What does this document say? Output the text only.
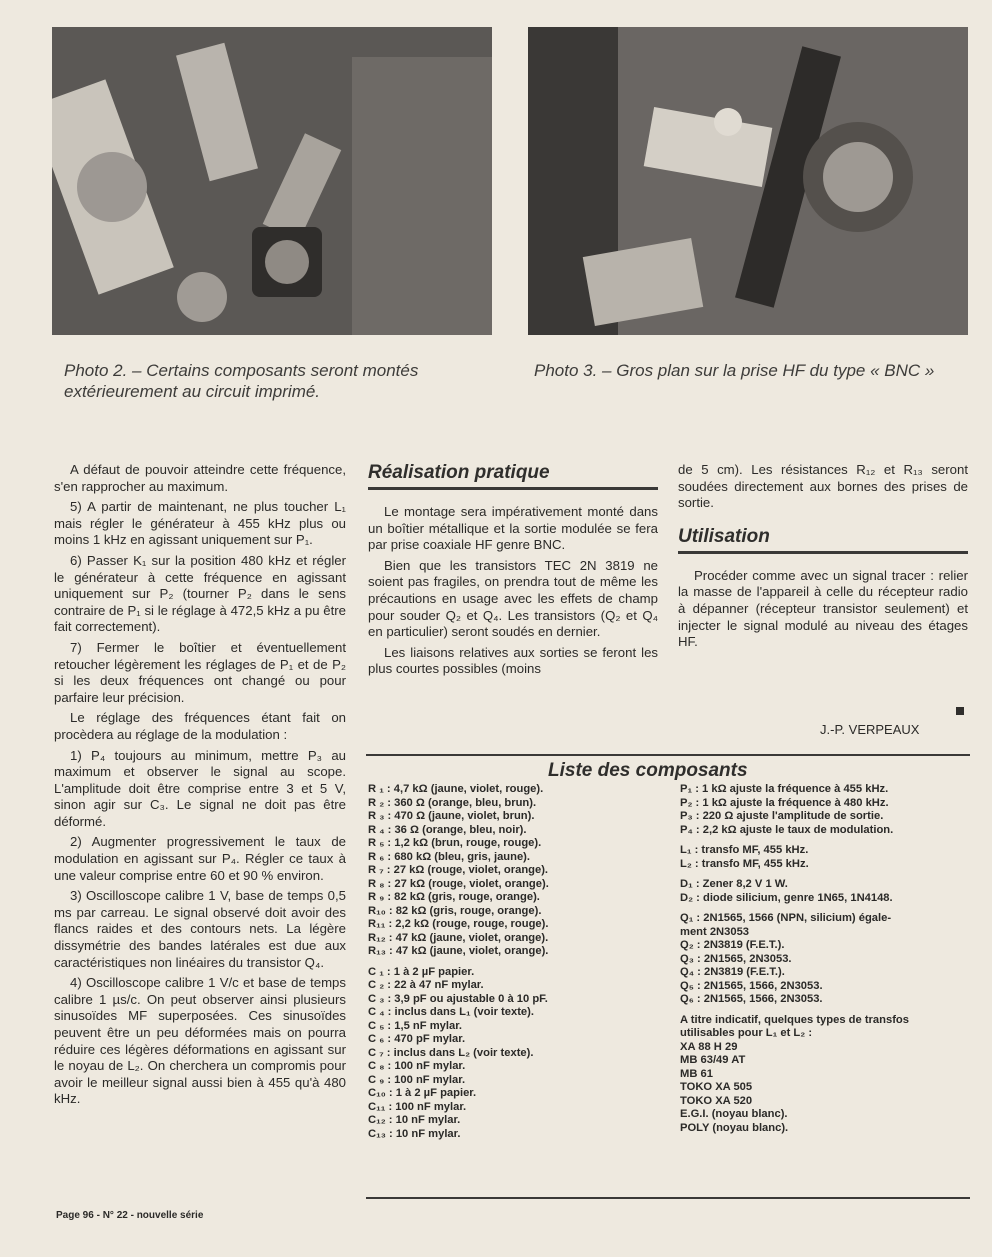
Photo 2. – Certains composants seront montés extérieurement au circuit imprimé.
Photo 3. – Gros plan sur la prise HF du type « BNC »

A défaut de pouvoir atteindre cette fréquence, s'en rapprocher au maximum.

5) A partir de maintenant, ne plus toucher L₁ mais régler le générateur à 455 kHz plus ou moins 1 kHz en agissant uniquement sur P₁.

6) Passer K₁ sur la position 480 kHz et régler le générateur à cette fréquence en agissant uniquement sur P₂ (tourner P₂ dans le sens contraire de P₁ si le réglage à 472,5 kHz a pu être fait correctement).

7) Fermer le boîtier et éventuellement retoucher légèrement les réglages de P₁ et de P₂ si les deux fréquences ont changé ou pour parfaire leur précision.

Le réglage des fréquences étant fait on procèdera au réglage de la modulation :

1) P₄ toujours au minimum, mettre P₃ au maximum et observer le signal au scope. L'amplitude doit être comprise entre 3 et 5 V, sinon agir sur C₃. Le signal ne doit pas être déformé.

2) Augmenter progressivement le taux de modulation en agissant sur P₄. Régler ce taux à une valeur comprise entre 60 et 90 % environ.

3) Oscilloscope calibre 1 V, base de temps 0,5 ms par carreau. Le signal observé doit avoir des flancs raides et des contours nets. La légère dissymétrie des bandes latérales est due aux caractéristiques non linéaires du transistor Q₄.

4) Oscilloscope calibre 1 V/c et base de temps calibre 1 µs/c. On peut observer ainsi plusieurs sinusoïdes MF superposées. Ces sinusoïdes peuvent être un peu déformées mais on pourra réduire ces légères déformations en agissant sur le noyau de L₂. On cherchera un compromis pour avoir le meilleur signal aussi bien à 455 qu'à 480 kHz.

Réalisation pratique

Le montage sera impérativement monté dans un boîtier métallique et la sortie modulée se fera par prise coaxiale HF genre BNC.

Bien que les transistors TEC 2N 3819 ne soient pas fragiles, on prendra tout de même les précautions en usage avec les effets de champ pour souder Q₂ et Q₄. Les transistors (Q₂ et Q₄ en particulier) seront soudés en dernier.

Les liaisons relatives aux sorties se feront les plus courtes possibles (moins

de 5 cm). Les résistances R₁₂ et R₁₃ seront soudées directement aux bornes des prises de sortie.

Utilisation

Procéder comme avec un signal tracer : relier la masse de l'appareil à celle du récepteur radio à dépanner (récepteur transistor seulement) et injecter le signal modulé au niveau des étages HF.

J.-P. VERPEAUX
Liste des composants
R ₁ : 4,7 kΩ (jaune, violet, rouge).
R ₂ : 360 Ω (orange, bleu, brun).
R ₃ : 470 Ω (jaune, violet, brun).
R ₄ : 36 Ω (orange, bleu, noir).
R ₅ : 1,2 kΩ (brun, rouge, rouge).
R ₆ : 680 kΩ (bleu, gris, jaune).
R ₇ : 27 kΩ (rouge, violet, orange).
R ₈ : 27 kΩ (rouge, violet, orange).
R ₉ : 82 kΩ (gris, rouge, orange).
R₁₀ : 82 kΩ (gris, rouge, orange).
R₁₁ : 2,2 kΩ (rouge, rouge, rouge).
R₁₂ : 47 kΩ (jaune, violet, orange).
R₁₃ : 47 kΩ (jaune, violet, orange).
C ₁ : 1 à 2 µF papier.
C ₂ : 22 à 47 nF mylar.
C ₃ : 3,9 pF ou ajustable 0 à 10 pF.
C ₄ : inclus dans L₁ (voir texte).
C ₅ : 1,5 nF mylar.
C ₆ : 470 pF mylar.
C ₇ : inclus dans L₂ (voir texte).
C ₈ : 100 nF mylar.
C ₉ : 100 nF mylar.
C₁₀ : 1 à 2 µF papier.
C₁₁ : 100 nF mylar.
C₁₂ : 10 nF mylar.
C₁₃ : 10 nF mylar.
P₁ : 1 kΩ ajuste la fréquence à 455 kHz.
P₂ : 1 kΩ ajuste la fréquence à 480 kHz.
P₃ : 220 Ω ajuste l'amplitude de sortie.
P₄ : 2,2 kΩ ajuste le taux de modulation.
L₁ : transfo MF, 455 kHz.
L₂ : transfo MF, 455 kHz.
D₁ : Zener 8,2 V 1 W.
D₂ : diode silicium, genre 1N65, 1N4148.
Q₁ : 2N1565, 1566 (NPN, silicium) égale-
ment 2N3053
Q₂ : 2N3819 (F.E.T.).
Q₃ : 2N1565, 2N3053.
Q₄ : 2N3819 (F.E.T.).
Q₅ : 2N1565, 1566, 2N3053.
Q₆ : 2N1565, 1566, 2N3053.
A titre indicatif, quelques types de transfos
utilisables pour L₁ et L₂ :
XA 88 H 29
MB 63/49 AT
MB 61
TOKO XA 505
TOKO XA 520
E.G.I. (noyau blanc).
POLY (noyau blanc).
Page 96 - N° 22 - nouvelle série
